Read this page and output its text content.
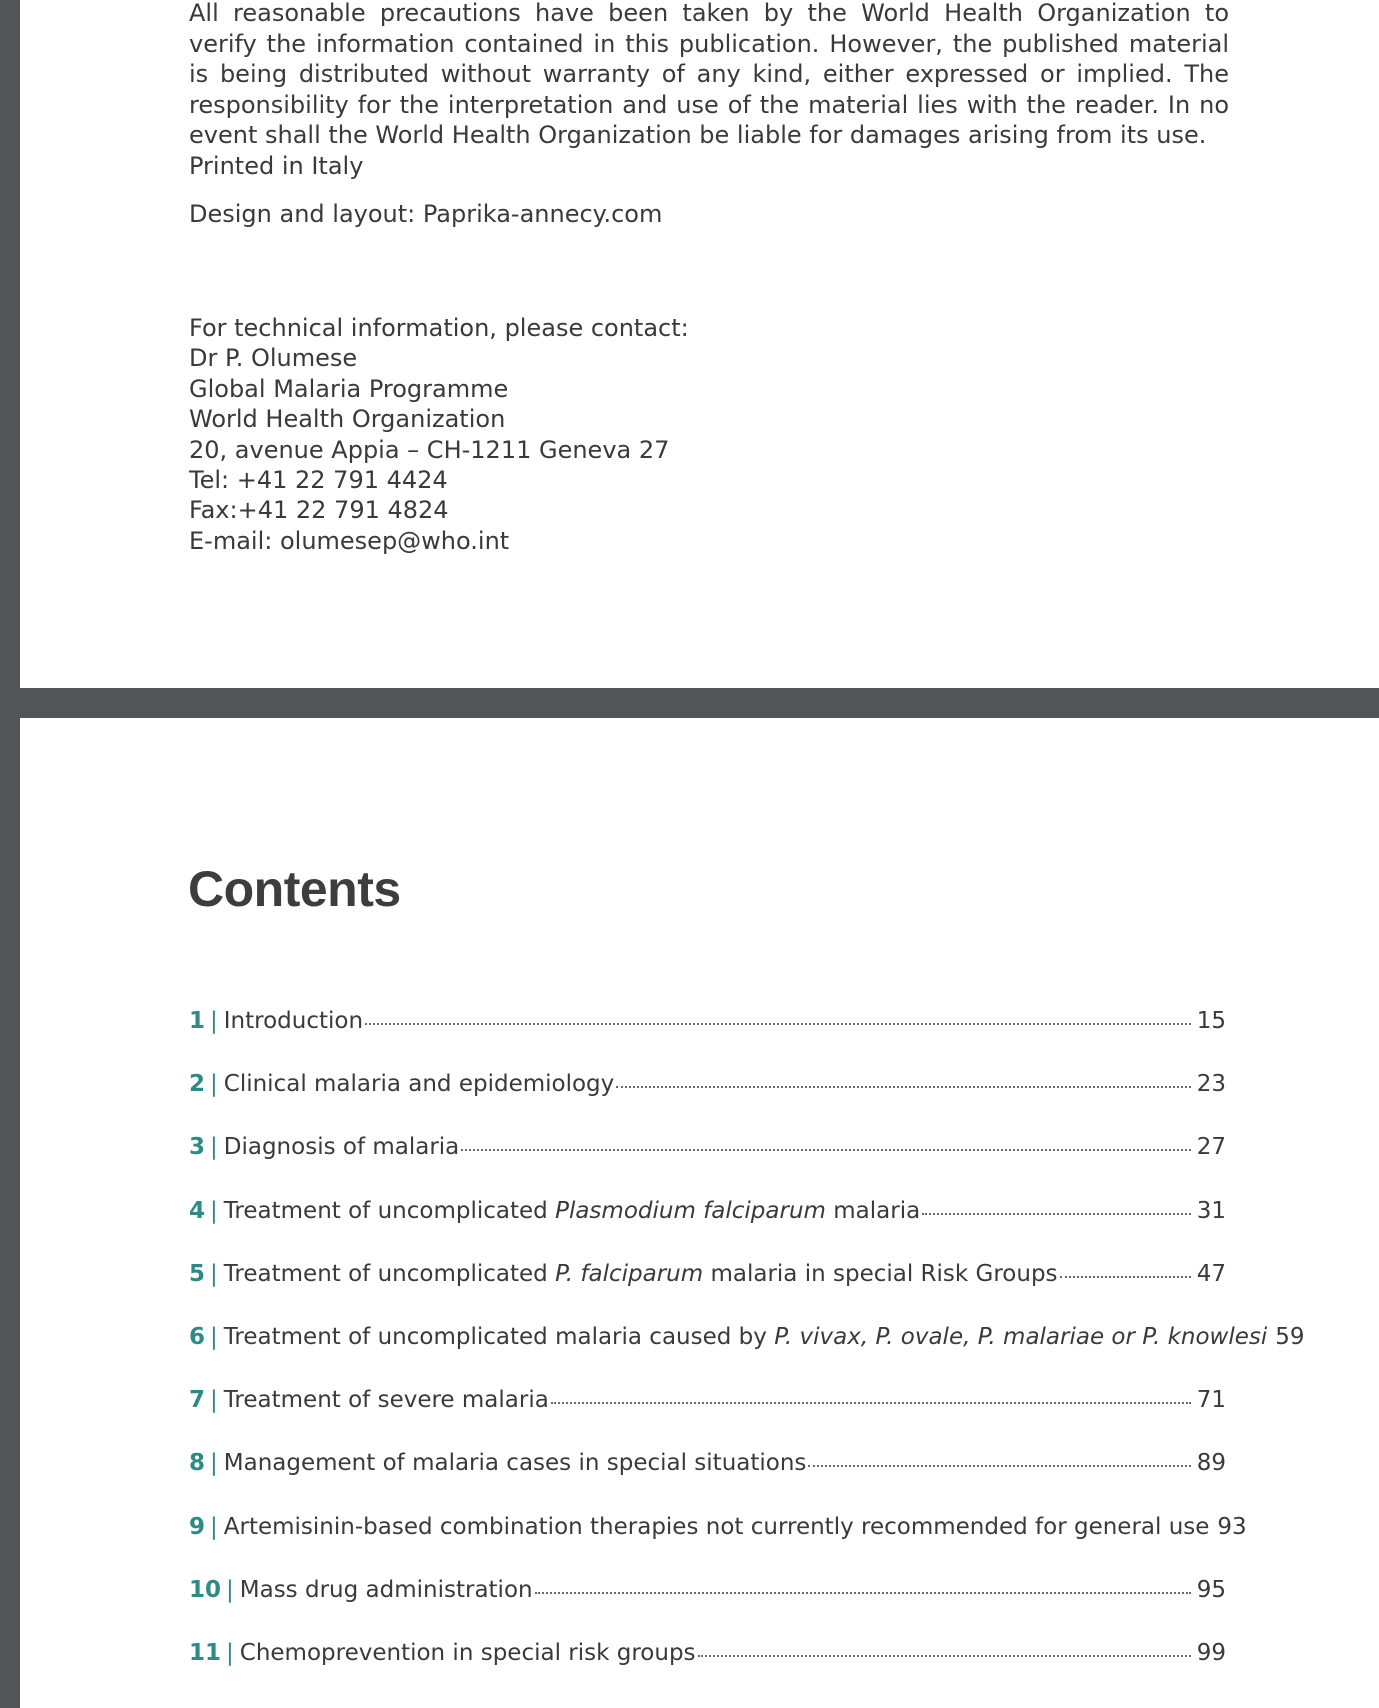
All reasonable precautions have been taken by the World Health Organization to verify the information contained in this publication. However, the published material is being distributed without warranty of any kind, either expressed or implied. The responsibility for the interpretation and use of the material lies with the reader. In no event shall the World Health Organization be liable for damages arising from its use.

Printed in Italy

Design and layout: Paprika-annecy.com

For technical information, please contact:
Dr P. Olumese
Global Malaria Programme
World Health Organization
20, avenue Appia – CH-1211 Geneva 27
Tel: +41 22 791 4424
Fax:+41 22 791 4824
E-mail: olumesep@who.int
Contents
1 | Introduction	15
2 | Clinical malaria and epidemiology	23
3 | Diagnosis of malaria	27
4 | Treatment of uncomplicated Plasmodium falciparum malaria	31
5 | Treatment of uncomplicated P. falciparum malaria in special Risk Groups	47
6 | Treatment of uncomplicated malaria caused by P. vivax, P. ovale, P. malariae or P. knowlesi 59
7 | Treatment of severe malaria	71
8 | Management of malaria cases in special situations	89
9 | Artemisinin-based combination therapies not currently recommended for general use 93
10 | Mass drug administration	95
11 | Chemoprevention in special risk groups	99
